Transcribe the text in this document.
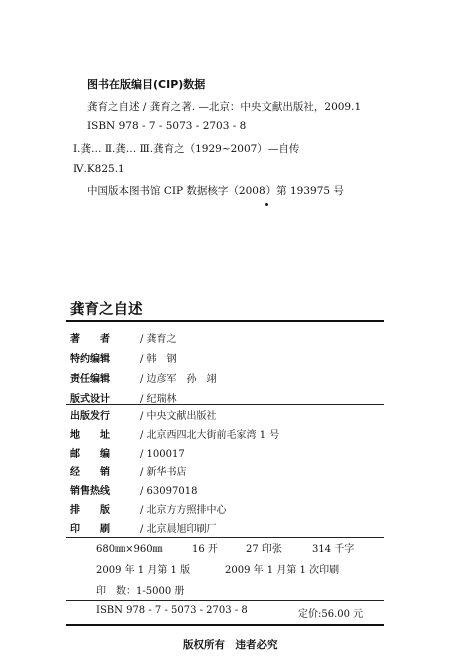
图书在版编目(CIP)数据
龚育之自述 / 龚育之著. —北京：中央文献出版社，2009.1
ISBN 978 - 7 - 5073 - 2703 - 8
Ⅰ.龚… Ⅱ.龚… Ⅲ.龚育之（1929~2007）—自传
Ⅳ.K825.1
中国版本图书馆 CIP 数据核字（2008）第 193975 号
龚育之自述
著　　者	/ 龚育之
特约编辑	/ 韩　钢
责任编辑	/ 边彦军　孙　翊
版式设计	/ 纪瑞林
出版发行	/ 中央文献出版社
地　　址	/ 北京西四北大街前毛家湾 1 号
邮　　编	/ 100017
经　　销	/ 新华书店
销售热线	/ 63097018
排　　版	/ 北京方方照排中心
印　　刷	/ 北京晨旭印刷厂
680㎜×960㎜	16 开	27 印张	314 千字
2009 年 1 月第 1 版	2009 年 1 月第 1 次印刷
印　数：1-5000 册
ISBN 978 - 7 - 5073 - 2703 - 8	定价:56.00 元
版权所有　违者必究
